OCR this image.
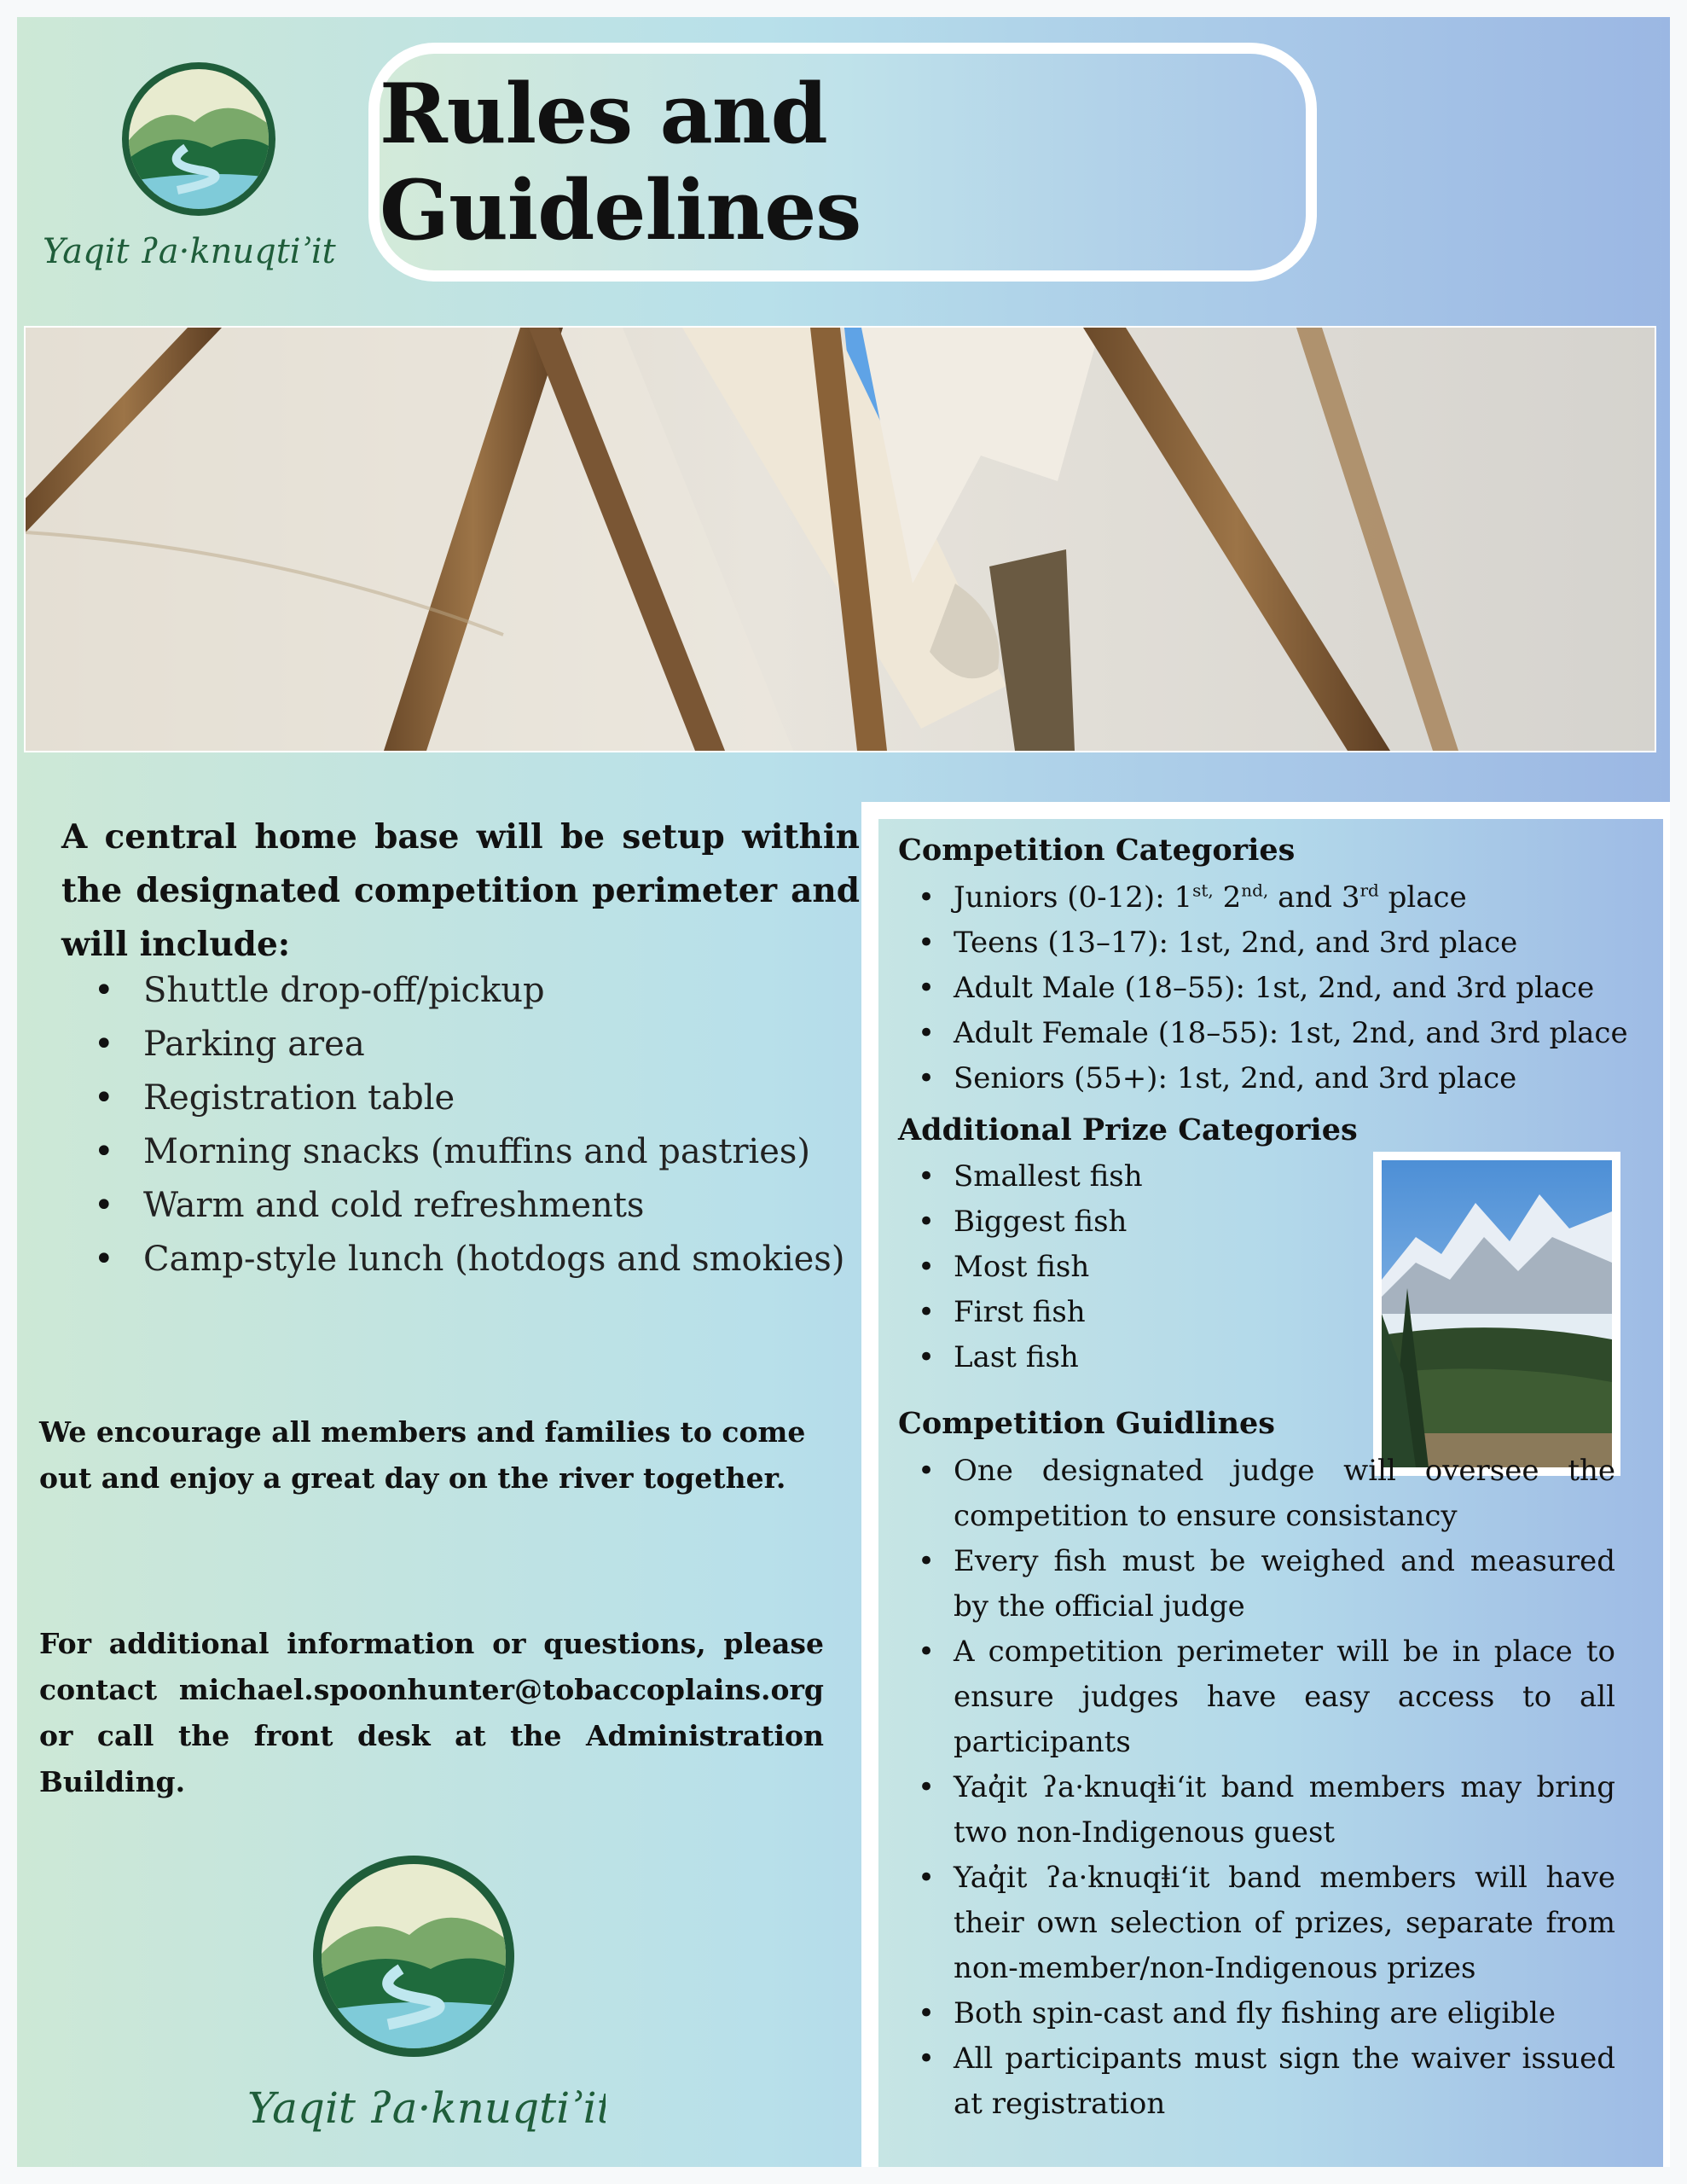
Yaqit ʔa·knuqtiʾit
Rules and Guidelines

A central home base will be setup within the designated competition perimeter and will include:

• Shuttle drop-off/pickup
• Parking area
• Registration table
• Morning snacks (muffins and pastries)
• Warm and cold refreshments
• Camp-style lunch (hotdogs and smokies)

We encourage all members and families to come out and enjoy a great day on the river together.

For additional information or questions, please contact michael.spoonhunter@tobaccoplains.org or call the front desk at the Administration Building.

Yaqit ʔa·knuqtiʾit

Competition Categories

• Juniors (0-12): $1^{st,}$ $2^{nd,}$ and 3rd place
• Teens (13–17): 1st, 2nd, and 3rd place
• Adult Male (18–55): 1st, 2nd, and 3rd place
• Adult Female (18–55): 1st, 2nd, and 3rd place
• Seniors (55+): 1st, 2nd, and 3rd place

Additional Prize Categories

• Smallest fish
• Biggest fish
• Most fish
• First fish
• Last fish

Competition Guidlines

• One designated judge will oversee the competition to ensure consistancy
• Every fish must be weighed and measured by the official judge
• A competition perimeter will be in place to ensure judges have easy access to all participants
• Yaq̓it ʔa·knuqⱡi‘it band members may bring two non-Indigenous guest
• Yaq̓it ʔa·knuqⱡi‘it band members will have their own selection of prizes, separate from non-member/non-Indigenous prizes
• Both spin-cast and fly fishing are eligible
• All participants must sign the waiver issued at registration
